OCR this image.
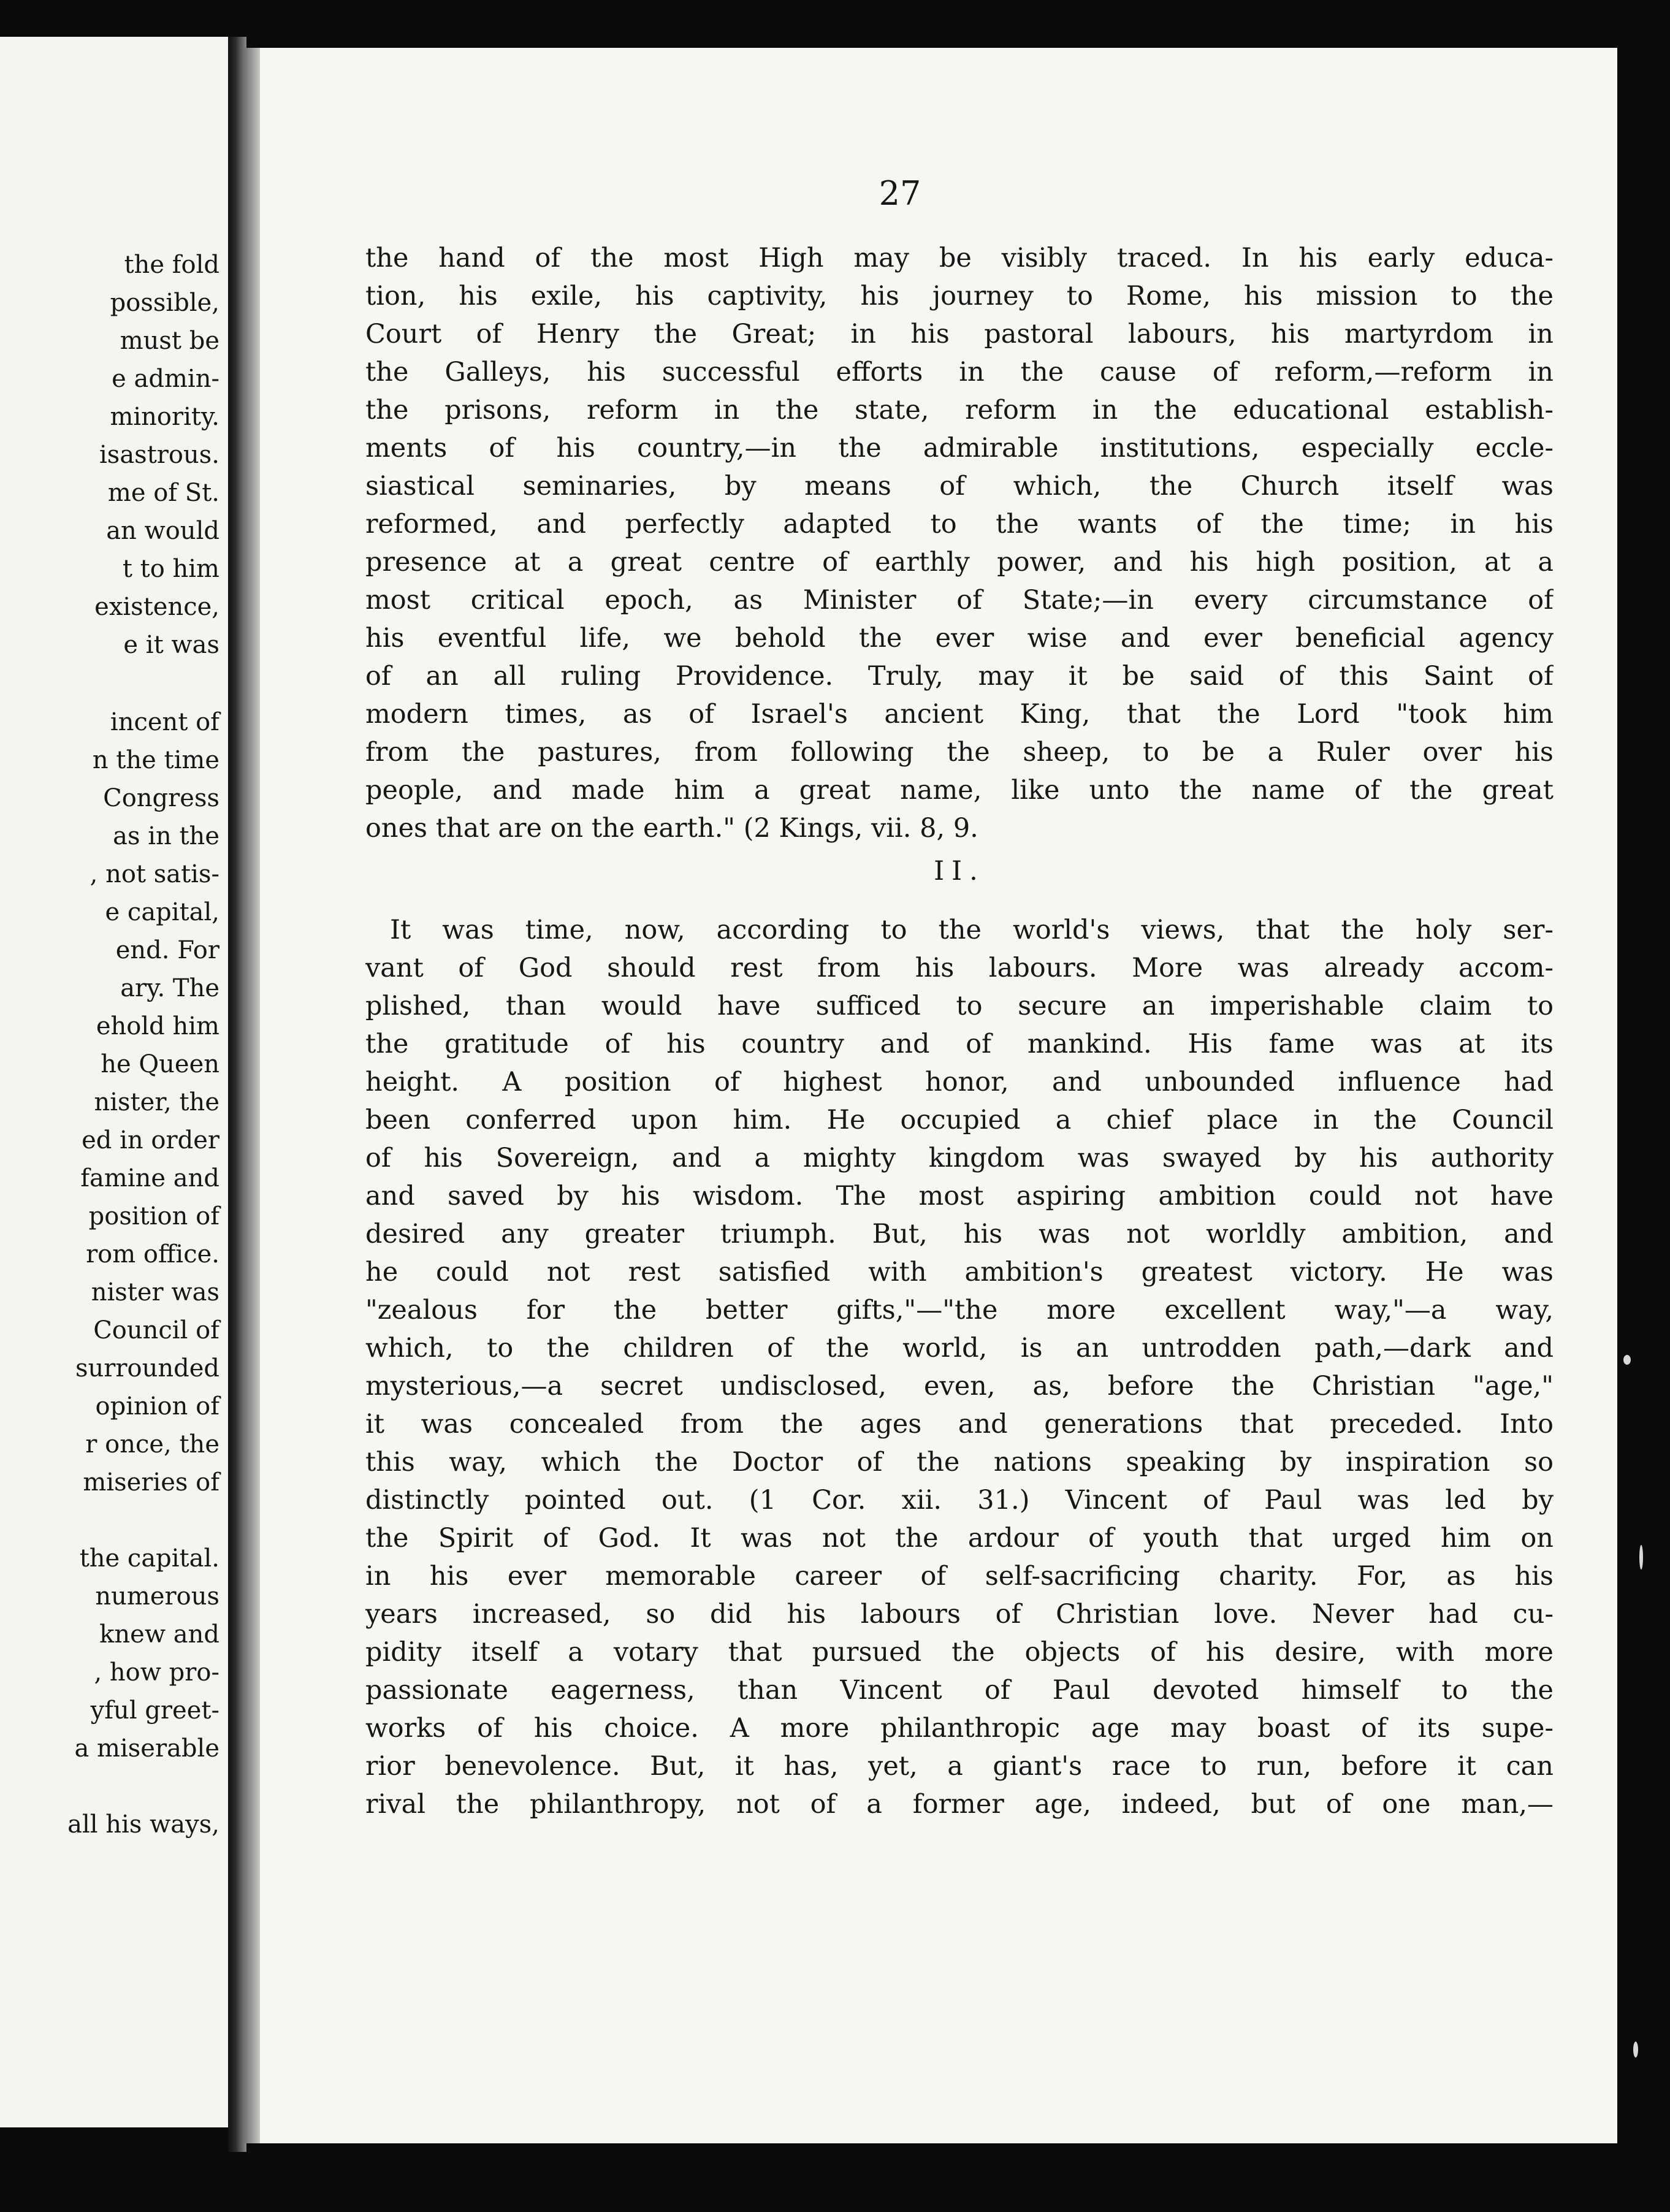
the fold
possible,
must be
e admin-
minority.
isastrous.
me of St.
an would
t to him
existence,
e it was
incent of
n the time
Congress
as in the
, not satis-
e capital,
end. For
ary. The
ehold him
he Queen
nister, the
ed in order
famine and
position of
rom office.
nister was
Council of
surrounded
opinion of
r once, the
miseries of
the capital.
numerous
knew and
, how pro-
yful greet-
a miserable
all his ways,
27
the hand of the most High may be visibly traced. In his early educa-
tion, his exile, his captivity, his journey to Rome, his mission to the
Court of Henry the Great; in his pastoral labours, his martyrdom in
the Galleys, his successful efforts in the cause of reform,—reform in
the prisons, reform in the state, reform in the educational establish-
ments of his country,—in the admirable institutions, especially eccle-
siastical seminaries, by means of which, the Church itself was
reformed, and perfectly adapted to the wants of the time; in his
presence at a great centre of earthly power, and his high position, at a
most critical epoch, as Minister of State;—in every circumstance of
his eventful life, we behold the ever wise and ever beneficial agency
of an all ruling Providence. Truly, may it be said of this Saint of
modern times, as of Israel's ancient King, that the Lord "took him
from the pastures, from following the sheep, to be a Ruler over his
people, and made him a great name, like unto the name of the great
ones that are on the earth." (2 Kings, vii. 8, 9.
II.
It was time, now, according to the world's views, that the holy ser-
vant of God should rest from his labours. More was already accom-
plished, than would have sufficed to secure an imperishable claim to
the gratitude of his country and of mankind. His fame was at its
height. A position of highest honor, and unbounded influence had
been conferred upon him. He occupied a chief place in the Council
of his Sovereign, and a mighty kingdom was swayed by his authority
and saved by his wisdom. The most aspiring ambition could not have
desired any greater triumph. But, his was not worldly ambition, and
he could not rest satisfied with ambition's greatest victory. He was
"zealous for the better gifts,"—"the more excellent way,"—a way,
which, to the children of the world, is an untrodden path,—dark and
mysterious,—a secret undisclosed, even, as, before the Christian "age,"
it was concealed from the ages and generations that preceded. Into
this way, which the Doctor of the nations speaking by inspiration so
distinctly pointed out. (1 Cor. xii. 31.) Vincent of Paul was led by
the Spirit of God. It was not the ardour of youth that urged him on
in his ever memorable career of self-sacrificing charity. For, as his
years increased, so did his labours of Christian love. Never had cu-
pidity itself a votary that pursued the objects of his desire, with more
passionate eagerness, than Vincent of Paul devoted himself to the
works of his choice. A more philanthropic age may boast of its supe-
rior benevolence. But, it has, yet, a giant's race to run, before it can
rival the philanthropy, not of a former age, indeed, but of one man,—
